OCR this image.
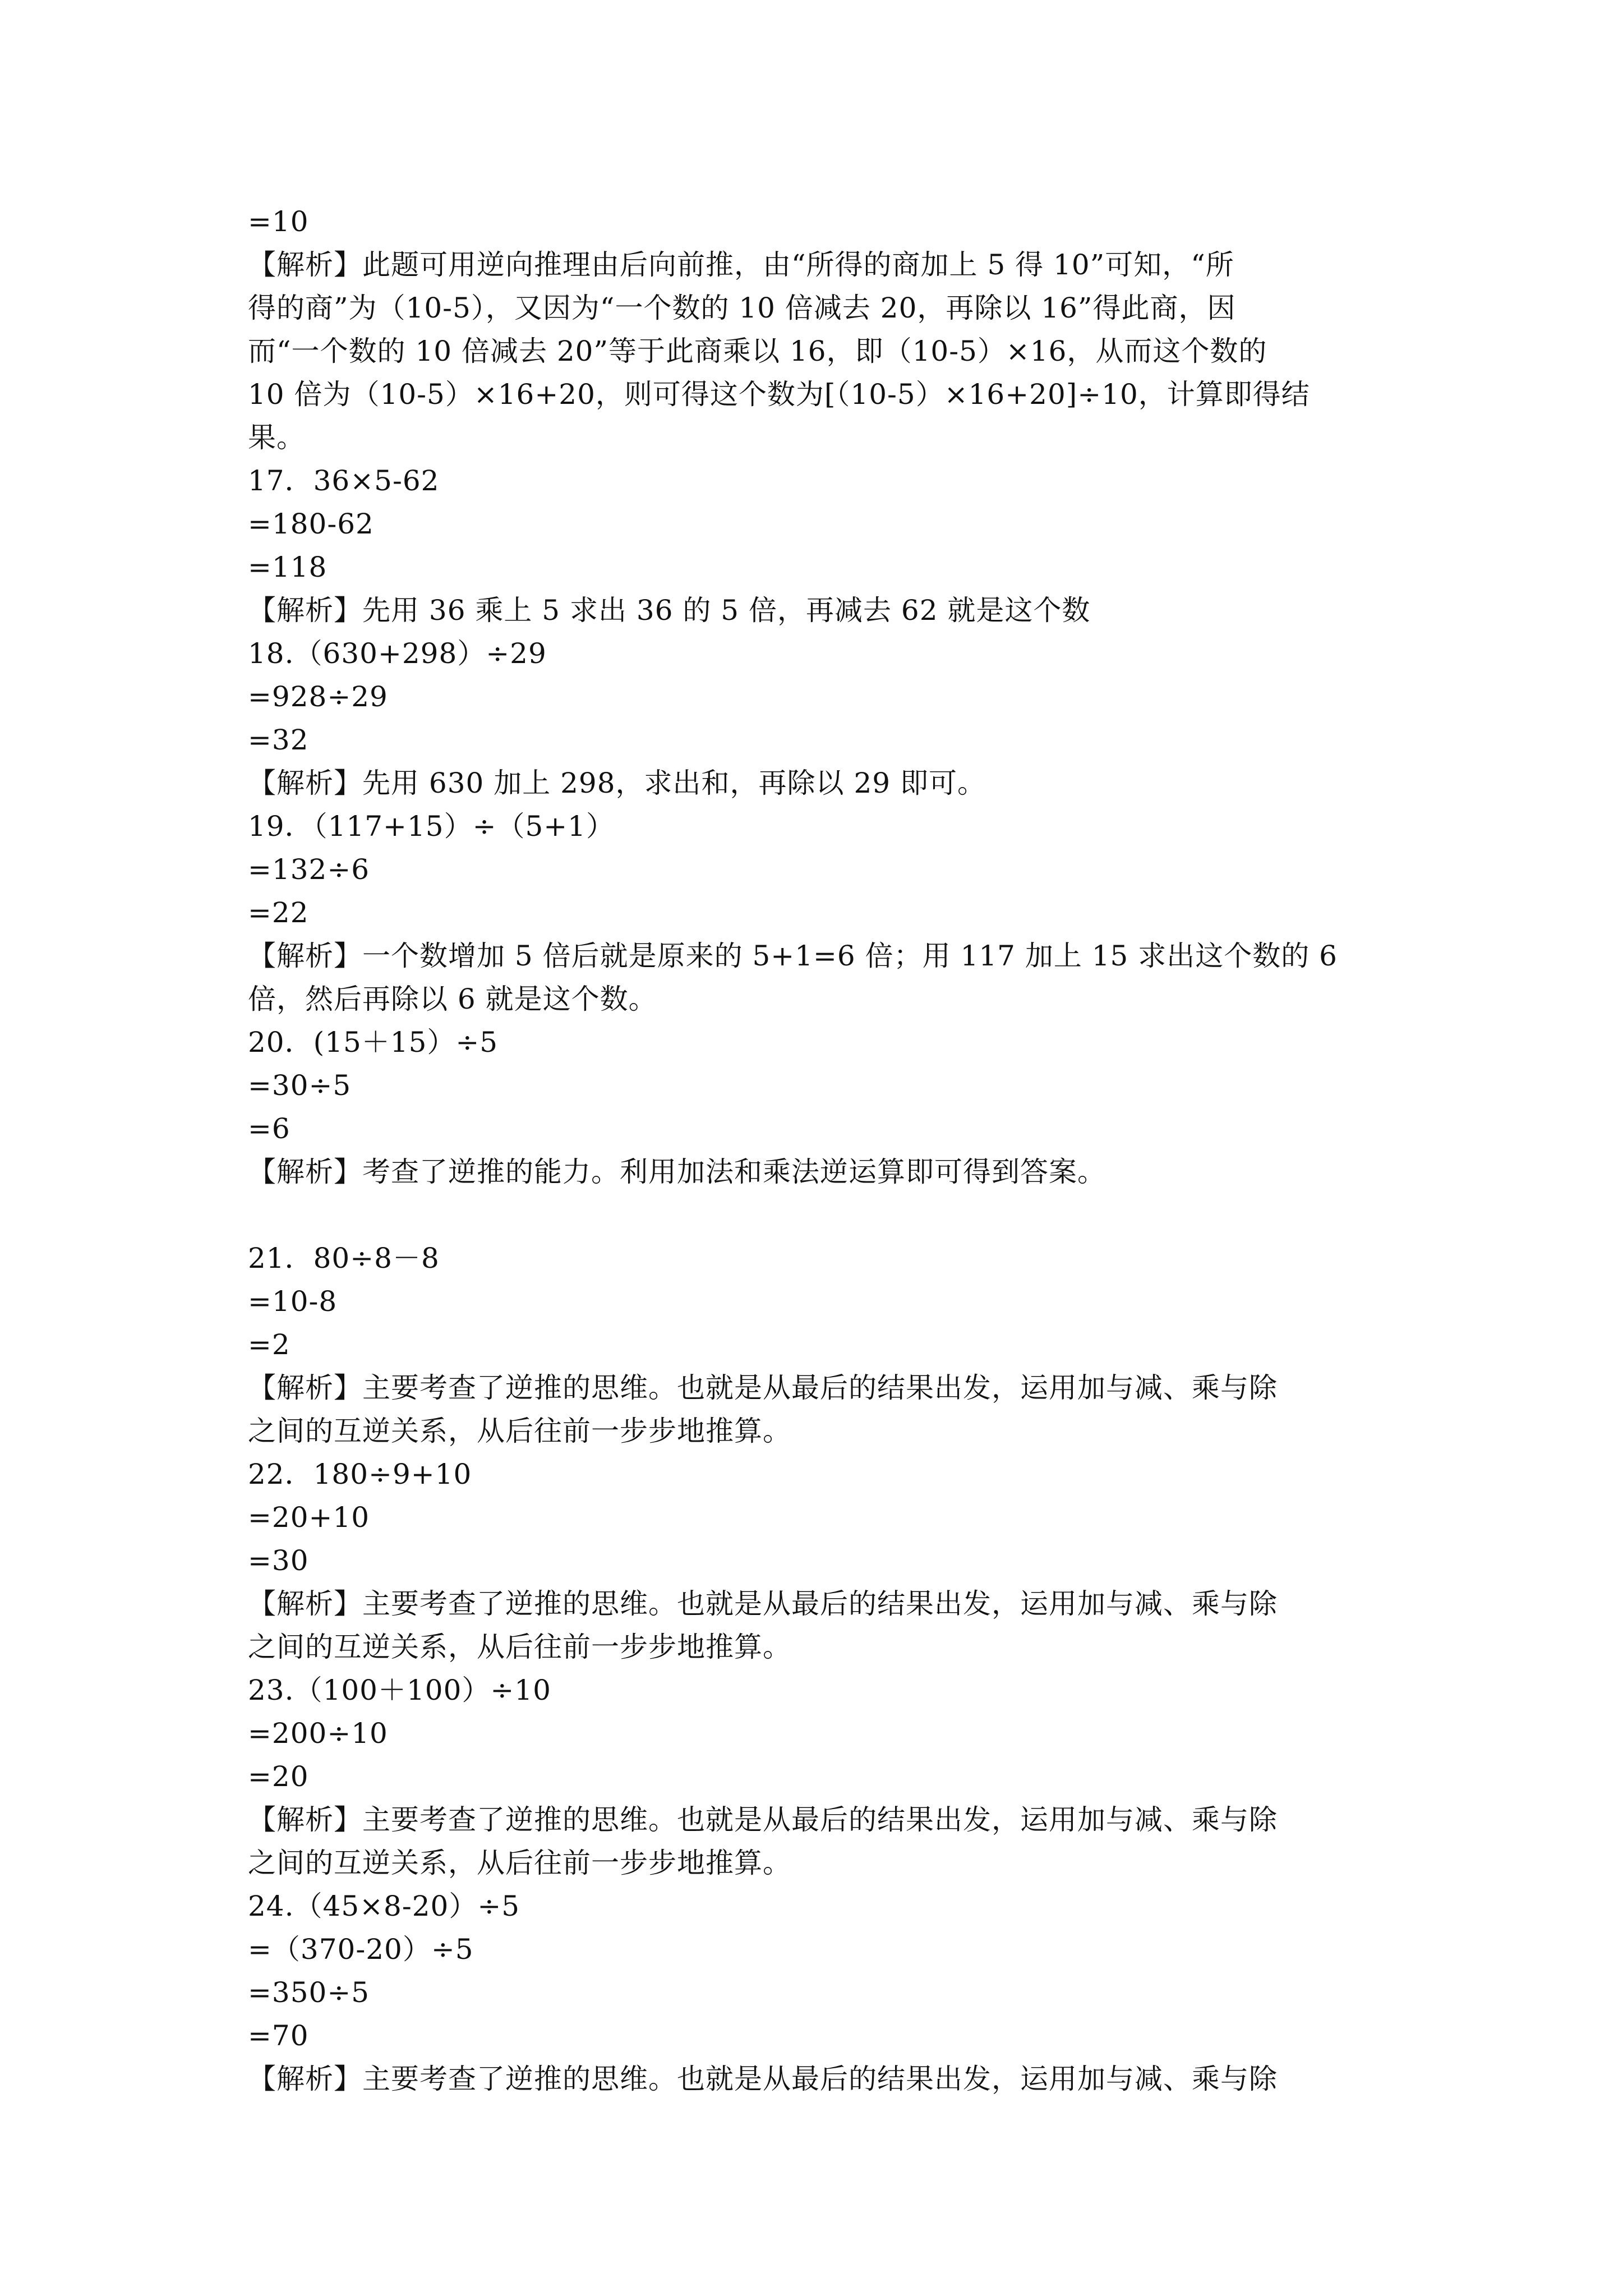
=10
【解析】此题可用逆向推理由后向前推，由“所得的商加上 5 得 10”可知，“所
得的商”为（10-5），又因为“一个数的 10 倍减去 20，再除以 16”得此商，因
而“一个数的 10 倍减去 20”等于此商乘以 16，即（10-5）×16，从而这个数的
10 倍为（10-5）×16+20，则可得这个数为[（10-5）×16+20]÷10，计算即得结
果。
17．36×5-62
=180-62
=118
【解析】先用 36 乘上 5 求出 36 的 5 倍，再减去 62 就是这个数
18.（630+298）÷29
=928÷29
=32
【解析】先用 630 加上 298，求出和，再除以 29 即可。
19．（117+15）÷（5+1）
=132÷6
=22
【解析】一个数增加 5 倍后就是原来的 5+1=6 倍；用 117 加上 15 求出这个数的 6
倍，然后再除以 6 就是这个数。
20．(15＋15）÷5
=30÷5
=6
【解析】考查了逆推的能力。利用加法和乘法逆运算即可得到答案。
21．80÷8－8
=10-8
=2
【解析】主要考查了逆推的思维。也就是从最后的结果出发，运用加与减、乘与除
之间的互逆关系，从后往前一步步地推算。
22．180÷9+10
=20+10
=30
【解析】主要考查了逆推的思维。也就是从最后的结果出发，运用加与减、乘与除
之间的互逆关系，从后往前一步步地推算。
23.（100＋100）÷10
=200÷10
=20
【解析】主要考查了逆推的思维。也就是从最后的结果出发，运用加与减、乘与除
之间的互逆关系，从后往前一步步地推算。
24.（45×8-20）÷5
=（370-20）÷5
=350÷5
=70
【解析】主要考查了逆推的思维。也就是从最后的结果出发，运用加与减、乘与除
